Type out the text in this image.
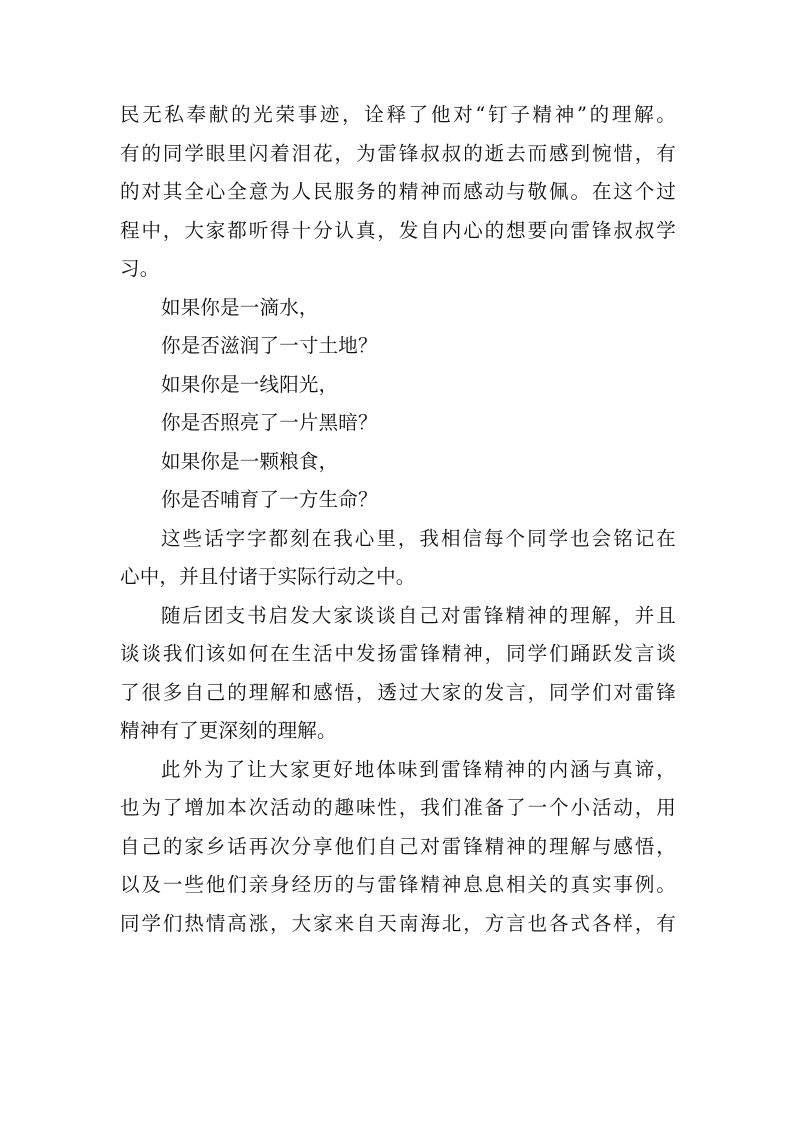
民无私奉献的光荣事迹，诠释了他对“钉子精神”的理解。
有的同学眼里闪着泪花，为雷锋叔叔的逝去而感到惋惜，有
的对其全心全意为人民服务的精神而感动与敬佩。在这个过
程中，大家都听得十分认真，发自内心的想要向雷锋叔叔学
习。
如果你是一滴水，
你是否滋润了一寸土地？
如果你是一线阳光，
你是否照亮了一片黑暗？
如果你是一颗粮食，
你是否哺育了一方生命？
这些话字字都刻在我心里，我相信每个同学也会铭记在
心中，并且付诸于实际行动之中。
随后团支书启发大家谈谈自己对雷锋精神的理解，并且
谈谈我们该如何在生活中发扬雷锋精神，同学们踊跃发言谈
了很多自己的理解和感悟，透过大家的发言，同学们对雷锋
精神有了更深刻的理解。
此外为了让大家更好地体味到雷锋精神的内涵与真谛，
也为了增加本次活动的趣味性，我们准备了一个小活动，用
自己的家乡话再次分享他们自己对雷锋精神的理解与感悟，
以及一些他们亲身经历的与雷锋精神息息相关的真实事例。
同学们热情高涨，大家来自天南海北，方言也各式各样，有
